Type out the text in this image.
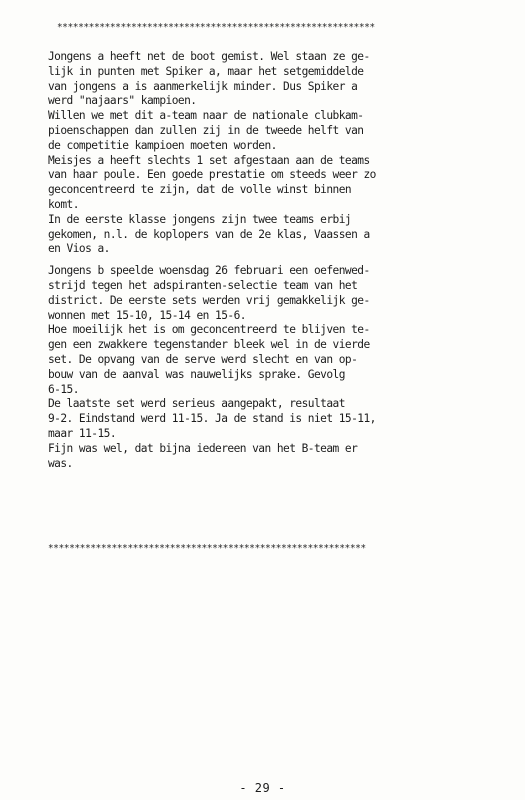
************************************************************
Jongens a heeft net de boot gemist. Wel staan ze ge-
lijk in punten met Spiker a, maar het setgemiddelde
van jongens a is aanmerkelijk minder. Dus Spiker a
werd "najaars" kampioen.
Willen we met dit a-team naar de nationale clubkam-
pioenschappen dan zullen zij in de tweede helft van
de competitie kampioen moeten worden.
Meisjes a heeft slechts 1 set afgestaan aan de teams
van haar poule. Een goede prestatie om steeds weer zo
geconcentreerd te zijn, dat de volle winst binnen
komt.
In de eerste klasse jongens zijn twee teams erbij
gekomen, n.l. de koplopers van de 2e klas, Vaassen a
en Vios a.
Jongens b speelde woensdag 26 februari een oefenwed-
strijd tegen het adspiranten-selectie team van het
district. De eerste sets werden vrij gemakkelijk ge-
wonnen met 15-10, 15-14 en 15-6.
Hoe moeilijk het is om geconcentreerd te blijven te-
gen een zwakkere tegenstander bleek wel in de vierde
set. De opvang van de serve werd slecht en van op-
bouw van de aanval was nauwelijks sprake. Gevolg
6-15.
De laatste set werd serieus aangepakt, resultaat
9-2. Eindstand werd 11-15. Ja de stand is niet 15-11,
maar 11-15.
Fijn was wel, dat bijna iedereen van het B-team er
was.
************************************************************
- 29 -
